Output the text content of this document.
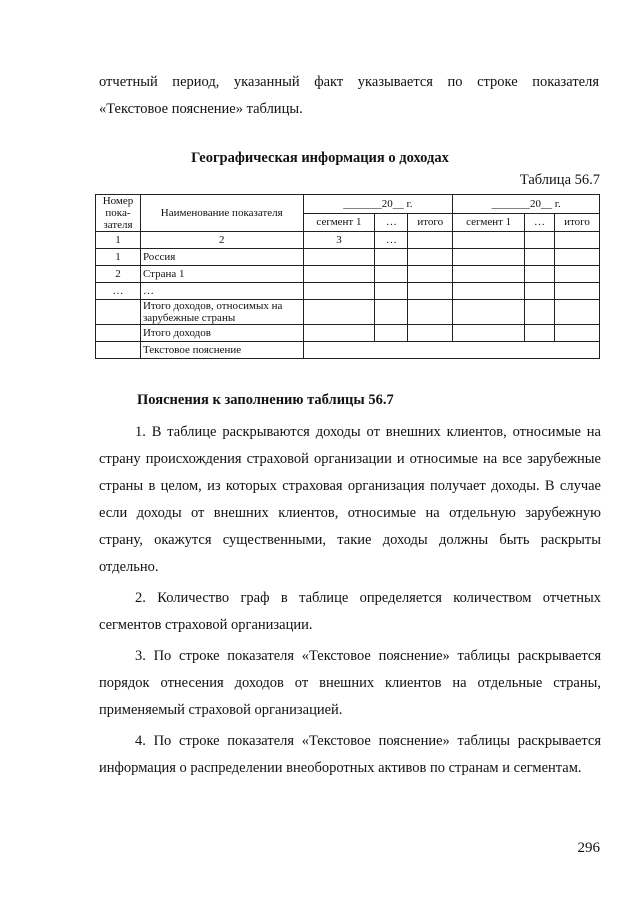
отчетный период, указанный факт указывается по строке показателя

«Текстовое пояснение» таблицы.

Географическая информация о доходах
Таблица 56.7
Номер пока-зателя	Наименование показателя	_______20__ г.			_______20__ г.		
		сегмент 1	…	итого	сегмент 1	…	итого
1	2	3	…				
1	Россия						
2	Страна 1						
…	…						
	Итого доходов, относимых на зарубежные страны						
	Итого доходов						
	Текстовое пояснение						
Пояснения к заполнению таблицы 56.7

1. В таблице раскрываются доходы от внешних клиентов, относимые на страну происхождения страховой организации и относимые на все зарубежные страны в целом, из которых страховая организация получает доходы. В случае если доходы от внешних клиентов, относимые на отдельную зарубежную страну, окажутся существенными, такие доходы должны быть раскрыты отдельно.

2. Количество граф в таблице определяется количеством отчетных сегментов страховой организации.

3. По строке показателя «Текстовое пояснение» таблицы раскрывается порядок отнесения доходов от внешних клиентов на отдельные страны, применяемый страховой организацией.

4. По строке показателя «Текстовое пояснение» таблицы раскрывается информация о распределении внеоборотных активов по странам и сегментам.

296
